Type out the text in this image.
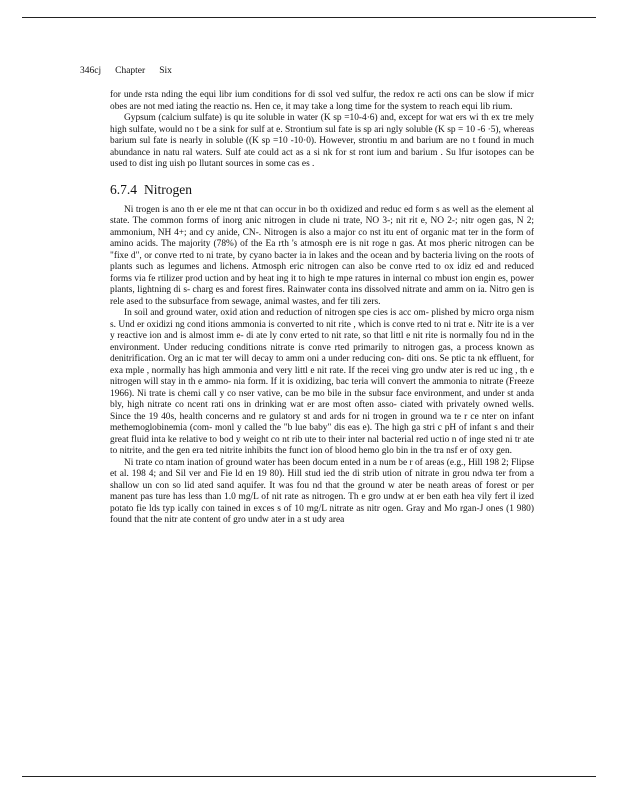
346cj Chapter Six

for unde rsta nding the equi libr ium conditions for di ssol ved sulfur, the redox re acti ons can be slow if micr obes are not med iating the reactio ns. Hen ce, it may take a long time for the system to reach equi lib rium.

Gypsum (calcium sulfate) is qu ite soluble in water (K sp =10-4·6) and, except for wat ers wi th ex tre mely high sulfate, would no t be a sink for sulf at e. Strontium sul fate is sp ari ngly soluble (K sp = 10 -6 ·5), whereas barium sul fate is nearly in soluble ((K sp =10 -10·0). However, strontiu m and barium are no t found in much abundance in natu ral waters. Sulf ate could act as a si nk for st ront ium and barium . Su lfur isotopes can be used to dist ing uish po llutant sources in some cas es .

6.7.4 Nitrogen

Ni trogen is ano th er ele me nt that can occur in bo th oxidized and reduc ed form s as well as the element al state. The common forms of inorg anic nitrogen in clude ni trate, NO 3-; nit rit e, NO 2-; nitr ogen gas, N 2; ammonium, NH 4+; and cy anide, CN-. Nitrogen is also a major co nst itu ent of organic mat ter in the form of amino acids. The majority (78%) of the Ea rth 's atmosph ere is nit roge n gas. At mos pheric nitrogen can be "fixe d", or conve rted to ni trate, by cyano bacter ia in lakes and the ocean and by bacteria living on the roots of plants such as legumes and lichens. Atmosph eric nitrogen can also be conve rted to ox idiz ed and reduced forms via fe rtilizer prod uction and by heat ing it to high te mpe ratures in internal co mbust ion engin es, power plants, lightning di s- charg es and forest fires. Rainwater conta ins dissolved nitrate and amm on ia. Nitro gen is rele ased to the subsurface from sewage, animal wastes, and fer tili zers.

In soil and ground water, oxid ation and reduction of nitrogen spe cies is acc om- plished by micro orga nism s. Und er oxidizi ng cond itions ammonia is converted to nit rite , which is conve rted to ni trat e. Nitr ite is a ver y reactive ion and is almost imm e- di ate ly conv erted to nit rate, so that littl e nit rite is normally fou nd in the environment. Under reducing conditions nitrate is conve rted primarily to nitrogen gas, a process known as denitrification. Org an ic mat ter will decay to amm oni a under reducing con- diti ons. Se ptic ta nk effluent, for exa mple , normally has high ammonia and very littl e nit rate. If the recei ving gro undw ater is red uc ing , th e nitrogen will stay in th e ammo- nia form. If it is oxidizing, bac teria will convert the ammonia to nitrate (Freeze 1966). Ni trate is chemi call y co nser vative, can be mo bile in the subsur face environment, and under st anda bly, high nitrate co ncent rati ons in drinking wat er are most often asso- ciated with privately owned wells. Since the 19 40s, health concerns and re gulatory st and ards for ni trogen in ground wa te r ce nter on infant methemoglobinemia (com- monl y called the "b lue baby" dis eas e). The high ga stri c pH of infant s and their great fluid inta ke relative to bod y weight co nt rib ute to their inter nal bacterial red uctio n of inge sted ni tr ate to nitrite, and the gen era ted nitrite inhibits the funct ion of blood hemo glo bin in the tra nsf er of oxy gen.

Ni trate co ntam ination of ground water has been docum ented in a num be r of areas (e.g., Hill 198 2; Flipse et al. 198 4; and Sil ver and Fie ld en 19 80). Hill stud ied the di strib ution of nitrate in grou ndwa ter from a shallow un con so lid ated sand aquifer. It was fou nd that the ground w ater be neath areas of forest or per manent pas ture has less than 1.0 mg/L of nit rate as nitrogen. Th e gro undw at er ben eath hea vily fert il ized potato fie lds typ ically con tained in exces s of 10 mg/L nitrate as nitr ogen. Gray and Mo rgan-J ones (1 980) found that the nitr ate content of gro undw ater in a st udy area
